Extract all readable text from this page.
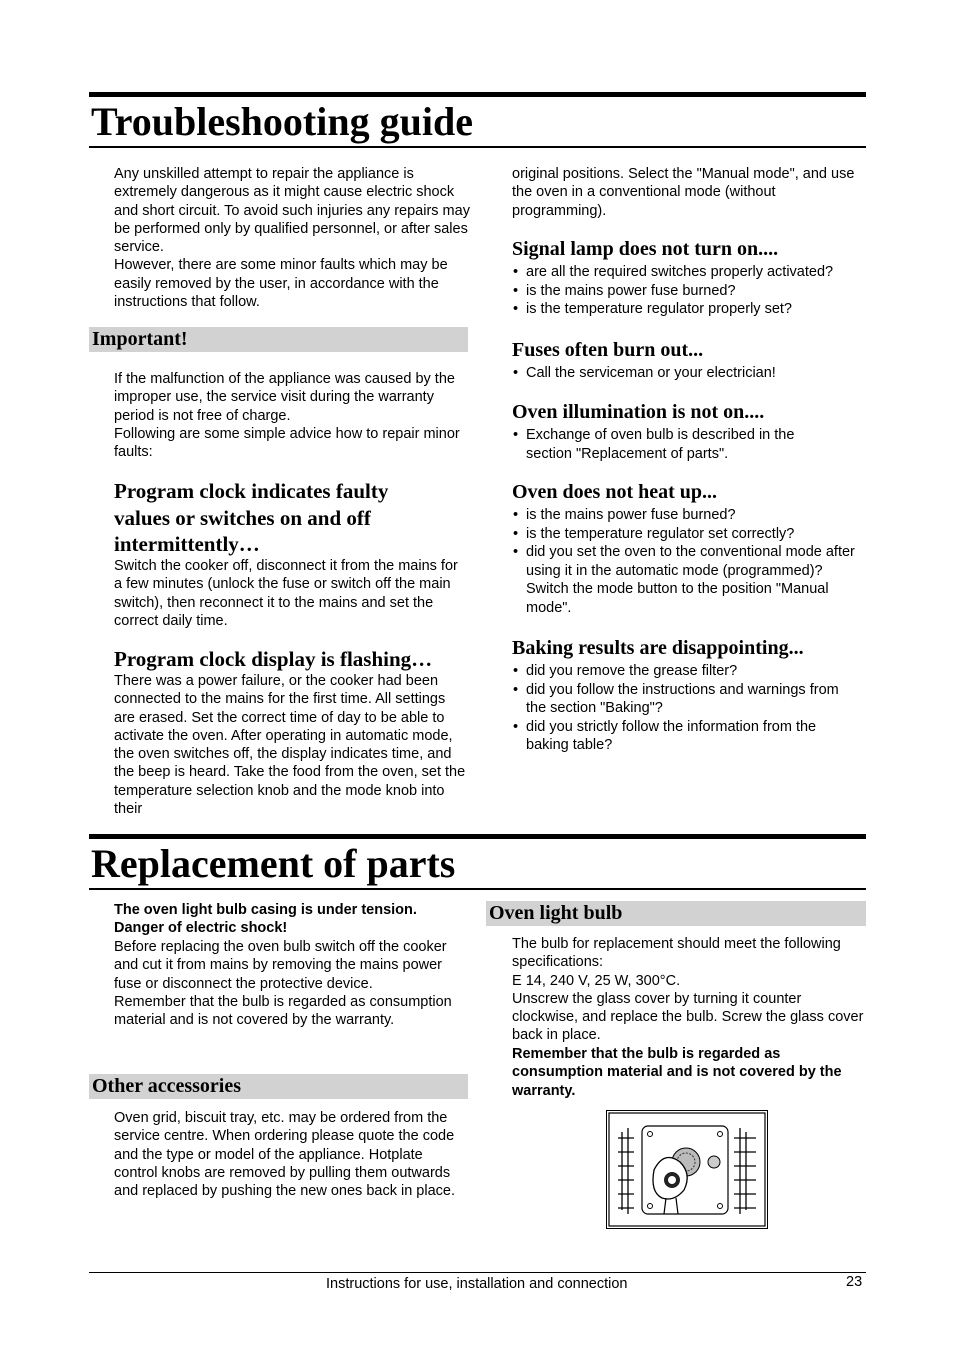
Troubleshooting guide
Any unskilled attempt to repair the appliance is extremely dangerous as it might cause electric shock and short circuit. To avoid such injuries any repairs may be performed only by qualified personnel, or after sales service.
However, there are some minor faults which may be easily removed by the user, in accordance with the instructions that follow.
Important!
If the malfunction of the appliance was caused by the improper use, the service visit during the warranty period is not free of charge.
Following are some simple advice how to repair minor faults:
Program clock indicates faulty values or switches on and off intermittently…
Switch the cooker off, disconnect it from the mains for a few minutes (unlock the fuse or switch off the main switch), then reconnect it to the mains and set the correct daily time.
Program clock display is flashing…
There was a power failure, or the cooker had been connected to the mains for the first time. All settings are erased. Set the correct time of day to be able to activate the oven. After operating in automatic mode, the oven switches off, the display indicates time, and the beep is heard. Take the food from the oven, set the temperature selection knob and the mode knob into their
original positions. Select the "Manual mode", and use the oven in a conventional mode (without programming).
Signal lamp does not turn on....
• are all the required switches properly activated?
• is the mains power fuse burned?
• is the temperature regulator properly set?
Fuses often burn out...
• Call the serviceman or your electrician!
Oven illumination is not on....
• Exchange of oven bulb is described in the section "Replacement of parts".
Oven does not heat up...
• is the mains power fuse burned?
• is the temperature regulator set correctly?
• did you set the oven to the conventional mode after using it in the automatic mode (programmed)? Switch the mode button to the position "Manual mode".
Baking results are disappointing...
• did you remove the grease filter?
• did you follow the instructions and warnings from the section "Baking"?
• did you strictly follow the information from the baking table?
Replacement of parts
The oven light bulb casing is under tension. Danger of electric shock!
Before replacing the oven bulb switch off the cooker and cut it from mains by removing the mains power fuse or disconnect the protective device.
Remember that the bulb is regarded as consumption material and is not covered by the warranty.
Other accessories
Oven grid, biscuit tray, etc. may be ordered from the service centre. When ordering please quote the code and the type or model of the appliance. Hotplate control knobs are removed by pulling them outwards and replaced by pushing the new ones back in place.
Oven light bulb
The bulb for replacement should meet the following specifications:
E 14, 240 V, 25 W, 300°C.
Unscrew the glass cover by turning it counter clockwise, and replace the bulb. Screw the glass cover back in place.
Remember that the bulb is regarded as consumption material and is not covered by the warranty.
Instructions for use, installation and connection	23
